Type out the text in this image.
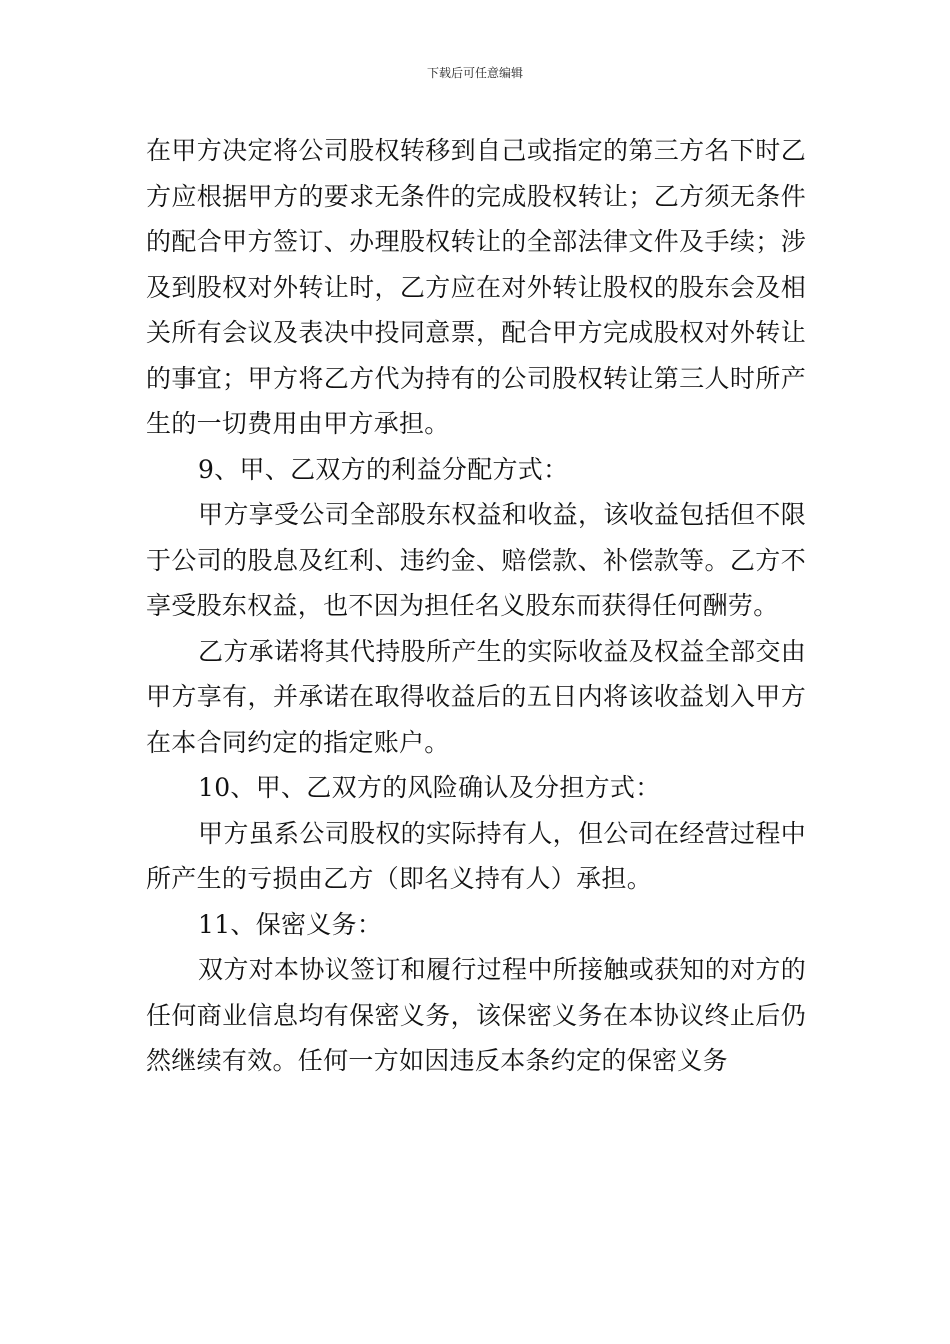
下载后可任意编辑

在甲方决定将公司股权转移到自己或指定的第三方名下时乙方应根据甲方的要求无条件的完成股权转让；乙方须无条件的配合甲方签订、办理股权转让的全部法律文件及手续；涉及到股权对外转让时，乙方应在对外转让股权的股东会及相关所有会议及表决中投同意票，配合甲方完成股权对外转让的事宜；甲方将乙方代为持有的公司股权转让第三人时所产生的一切费用由甲方承担。

9、甲、乙双方的利益分配方式：

甲方享受公司全部股东权益和收益，该收益包括但不限于公司的股息及红利、违约金、赔偿款、补偿款等。乙方不享受股东权益，也不因为担任名义股东而获得任何酬劳。

乙方承诺将其代持股所产生的实际收益及权益全部交由甲方享有，并承诺在取得收益后的五日内将该收益划入甲方在本合同约定的指定账户。

10、甲、乙双方的风险确认及分担方式：

甲方虽系公司股权的实际持有人，但公司在经营过程中所产生的亏损由乙方（即名义持有人）承担。

11、保密义务：

双方对本协议签订和履行过程中所接触或获知的对方的任何商业信息均有保密义务，该保密义务在本协议终止后仍然继续有效。任何一方如因违反本条约定的保密义务
